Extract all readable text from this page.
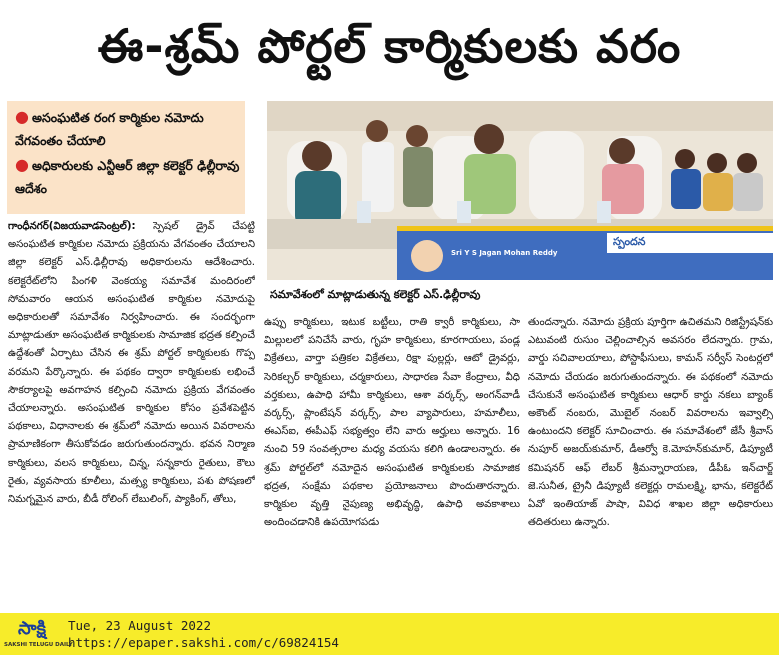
ఈ-శ్రమ్ పోర్టల్ కార్మికులకు వరం
● అసంఘటిత రంగ కార్మికుల నమోదు వేగవంతం చేయాలి
● అధికారులకు ఎన్టీఆర్ జిల్లా కలెక్టర్ ఢిల్లీరావు ఆదేశం
Sri Y S Jagan Mohan Reddy
స్పందన
సమావేశంలో మాట్లాడుతున్న కలెక్టర్ ఎస్.ఢిల్లీరావు
గాంధీనగర్(విజయవాడసెంట్రల్): స్పెషల్ డ్రైవ్ చేపట్టి అసంఘటిత కార్మికుల నమోదు ప్రక్రియను వేగవంతం చేయాలని జిల్లా కలెక్టర్ ఎస్.ఢిల్లీరావు అధికారులను ఆదేశించారు. కలెక్టరేట్‌లోని పింగళి వెంకయ్య సమావేశ మందిరంలో సోమవారం ఆయన అసంఘటిత కార్మికుల నమోదుపై అధికారులతో సమావేశం నిర్వహించారు. ఈ సందర్భంగా మాట్లాడుతూ అసంఘటిత కార్మికులకు సామాజిక భద్రత కల్పించే ఉద్దేశంతో ఏర్పాటు చేసిన ఈ శ్రమ్ పోర్టల్ కార్మికులకు గొప్ప వరమని పేర్కొన్నారు. ఈ పథకం ద్వారా కార్మికులకు లభించే సౌకర్యాలపై అవగాహన కల్పించి నమోదు ప్రక్రియ వేగవంతం చేయాలన్నారు. అసంఘటిత కార్మికుల కోసం ప్రవేశపెట్టిన పథకాలు, విధానాలకు ఈ శ్రమ్‌లో నమోదు అయిన వివరాలను ప్రామాణికంగా తీసుకోవడం జరుగుతుందన్నారు. భవన నిర్మాణ కార్మికులు, వలస కార్మికులు, చిన్న, సన్నకారు రైతులు, కౌలు రైతు, వ్యవసాయ కూలీలు, మత్స్య కార్మికులు, పశు పోషణలో నిమగ్నమైన వారు, బీడీ రోలింగ్ లేబులింగ్, ప్యాకింగ్, తోలు,
ఉప్పు కార్మికులు, ఇటుక బట్టీలు, రాతి క్వారీ కార్మికులు, సా మిల్లులలో పనిచేసే వారు, గృహ కార్మికులు, కూరగాయలు, పండ్ల విక్రేతలు, వార్తా పత్రికల విక్రేతలు, రిక్షా పుల్లర్లు, ఆటో డ్రైవర్లు, సెరికల్చర్ కార్మికులు, చర్మకారులు, సాధారణ సేవా కేంద్రాలు, వీధి వర్తకులు, ఉపాధి హామీ కార్మికులు, ఆశా వర్కర్స్, అంగన్‌వాడీ వర్కర్స్, ప్లాంటేషన్ వర్కర్స్, పాల వ్యాపారులు, హమాలీలు, ఈఎస్ఐ, ఈపీఎఫ్ సభ్యత్వం లేని వారు అర్హులు అన్నారు. 16 నుంచి 59 సంవత్సరాల మధ్య వయసు కలిగి ఉండాలన్నారు. ఈ శ్రమ్ పోర్టల్‌లో నమోదైన అసంఘటిత కార్మికులకు సామాజిక భద్రత, సంక్షేమ పథకాల ప్రయోజనాలు పొందుతారన్నారు. కార్మికుల వృత్తి నైపుణ్య అభివృద్ధి, ఉపాధి అవకాశాలు అందించడానికి ఉపయోగపడు
తుందన్నారు. నమోదు ప్రక్రియ పూర్తిగా ఉచితమని రిజిస్ట్రేషన్‌కు ఎటువంటి రుసుం చెల్లించాల్సిన అవసరం లేదన్నారు. గ్రామ, వార్డు సచివాలయాలు, పోస్టాఫీసులు, కామన్ సర్వీస్ సెంటర్లలో నమోదు చేయడం జరుగుతుందన్నారు. ఈ పథకంలో నమోదు చేసుకునే అసంఘటిత కార్మికులు ఆధార్ కార్డు నకలు బ్యాంక్ అకౌంట్ నంబరు, మొబైల్ నంబర్ వివరాలను ఇవ్వాల్సి ఉంటుందని కలెక్టర్ సూచించారు. ఈ సమావేశంలో జేసీ శ్రీవాస్ నుపూర్ అజయ్‌కుమార్, డీఆర్వో కె.మోహన్‌కుమార్, డిప్యూటీ కమిషనర్ ఆఫ్ లేబర్ శ్రీమన్నారాయణ, డీపీఓ ఇన్‌చార్జ్ జె.సునీత, ట్రైనీ డిప్యూటీ కలెక్టర్లు రామలక్ష్మి, భాను, కలెక్టరేట్ ఏవో ఇంతియాజ్ పాషా, వివిధ శాఖల జిల్లా అధికారులు తదితరులు ఉన్నారు.
సాక్షి
SAKSHI TELUGU DAILY
Tue, 23 August 2022
https://epaper.sakshi.com/c/69824154
